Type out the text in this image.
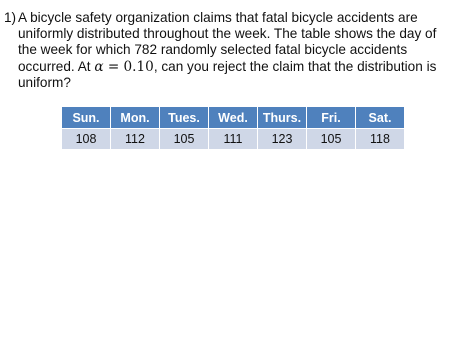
1) A bicycle safety organization claims that fatal bicycle accidents are uniformly distributed throughout the week. The table shows the day of the week for which 782 randomly selected fatal bicycle accidents occurred. At α = 0.10, can you reject the claim that the distribution is uniform?
Sun.	Mon.	Tues.	Wed.	Thurs.	Fri.	Sat.
108	112	105	111	123	105	118
